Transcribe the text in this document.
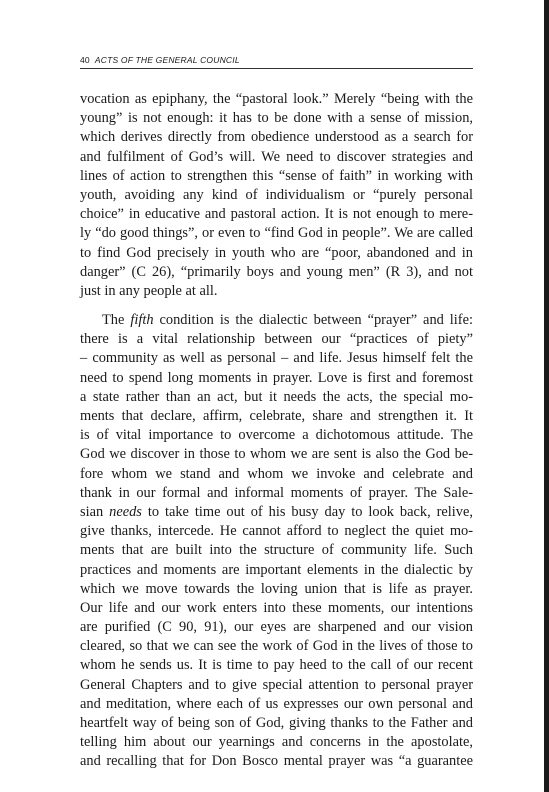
40 ACTS OF THE GENERAL COUNCIL
vocation as epiphany, the “pastoral look.” Merely “being with the
young” is not enough: it has to be done with a sense of mission,
which derives directly from obedience understood as a search for
and fulfilment of God’s will. We need to discover strategies and
lines of action to strengthen this “sense of faith” in working with
youth, avoiding any kind of individualism or “purely personal
choice” in educative and pastoral action. It is not enough to mere-
ly “do good things”, or even to “find God in people”. We are called
to find God precisely in youth who are “poor, abandoned and in
danger” (C 26), “primarily boys and young men” (R 3), and not
just in any people at all.
The fifth condition is the dialectic between “prayer” and life:
there is a vital relationship between our “practices of piety”
– community as well as personal – and life. Jesus himself felt the
need to spend long moments in prayer. Love is first and foremost
a state rather than an act, but it needs the acts, the special mo-
ments that declare, affirm, celebrate, share and strengthen it. It
is of vital importance to overcome a dichotomous attitude. The
God we discover in those to whom we are sent is also the God be-
fore whom we stand and whom we invoke and celebrate and
thank in our formal and informal moments of prayer. The Sale-
sian needs to take time out of his busy day to look back, relive,
give thanks, intercede. He cannot afford to neglect the quiet mo-
ments that are built into the structure of community life. Such
practices and moments are important elements in the dialectic by
which we move towards the loving union that is life as prayer.
Our life and our work enters into these moments, our intentions
are purified (C 90, 91), our eyes are sharpened and our vision
cleared, so that we can see the work of God in the lives of those to
whom he sends us. It is time to pay heed to the call of our recent
General Chapters and to give special attention to personal prayer
and meditation, where each of us expresses our own personal and
heartfelt way of being son of God, giving thanks to the Father and
telling him about our yearnings and concerns in the apostolate,
and recalling that for Don Bosco mental prayer was “a guarantee
